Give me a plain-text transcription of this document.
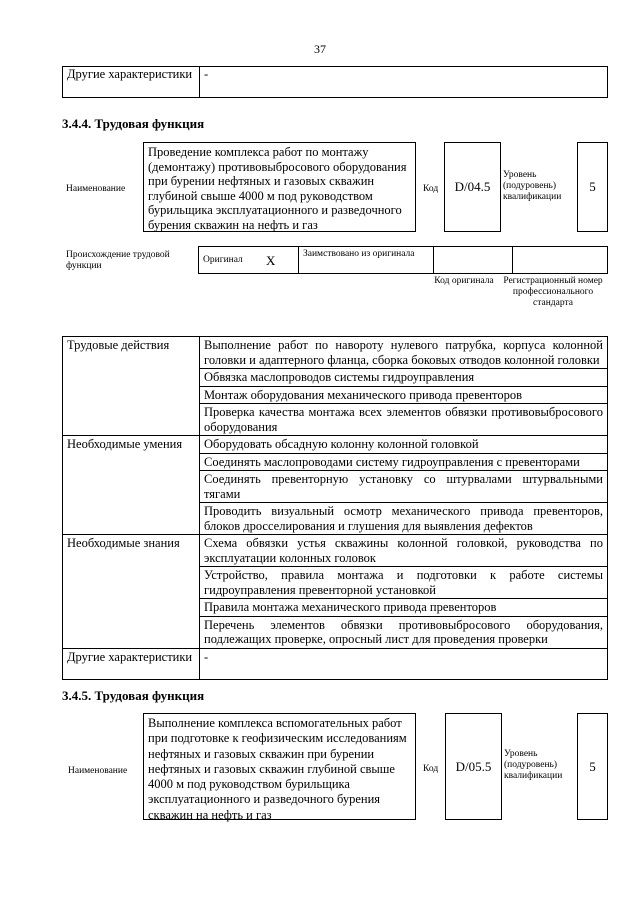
37
Другие характеристики	-
3.4.4. Трудовая функция
Наименование
Проведение комплекса работ по монтажу (демонтажу) противовыбросового оборудования при бурении нефтяных и газовых скважин глубиной свыше 4000 м под руководством бурильщика эксплуатационного и разведочного бурения скважин на нефть и газ
Код	D/04.5
Уровень (подуровень) квалификации
5
Происхождение трудовой функции
Оригинал	X	Заимствовано из оригинала		
Код оригинала Регистрационный номер профессионального стандарта
Трудовые действия	Выполнение работ по навороту нулевого патрубка, корпуса колонной головки и адаптерного фланца, сборка боковых отводов колонной головки
	Обвязка маслопроводов системы гидроуправления
	Монтаж оборудования механического привода превенторов
	Проверка качества монтажа всех элементов обвязки противовыбросового оборудования
Необходимые умения	Оборудовать обсадную колонну колонной головкой
	Соединять маслопроводами систему гидроуправления с превенторами
	Соединять превенторную установку со штурвалами штурвальными тягами
	Проводить визуальный осмотр механического привода превенторов, блоков дросселирования и глушения для выявления дефектов
Необходимые знания	Схема обвязки устья скважины колонной головкой, руководства по эксплуатации колонных головок
	Устройство, правила монтажа и подготовки к работе системы гидроуправления превенторной установкой
	Правила монтажа механического привода превенторов
	Перечень элементов обвязки противовыбросового оборудования, подлежащих проверке, опросный лист для проведения проверки
Другие характеристики	-
3.4.5. Трудовая функция
Наименование
Выполнение комплекса вспомогательных работ при подготовке к геофизическим исследованиям нефтяных и газовых скважин при бурении нефтяных и газовых скважин глубиной свыше 4000 м под руководством бурильщика эксплуатационного и разведочного бурения скважин на нефть и газ
Код	D/05.5
Уровень (подуровень) квалификации
5
